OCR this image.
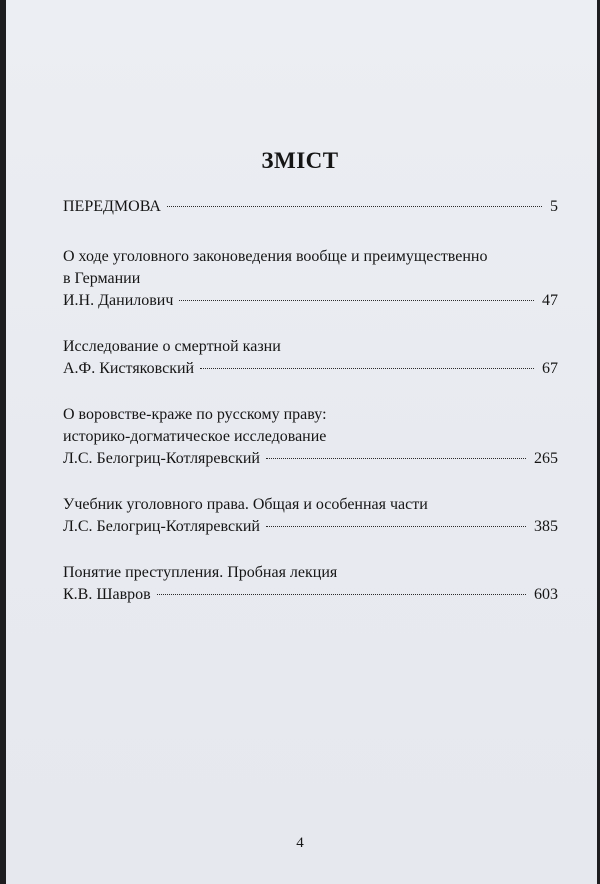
ЗМІСТ
ПЕРЕДМОВА	5
О ходе уголовного законоведения вообще и преимущественно
в Германии
И.Н. Данилович	47
Исследование о смертной казни
А.Ф. Кистяковский	67
О воровстве-краже по русскому праву:
историко-догматическое исследование
Л.С. Белогриц-Котляревский	265
Учебник уголовного права. Общая и особенная части
Л.С. Белогриц-Котляревский	385
Понятие преступления. Пробная лекция
К.В. Шавров	603
4
